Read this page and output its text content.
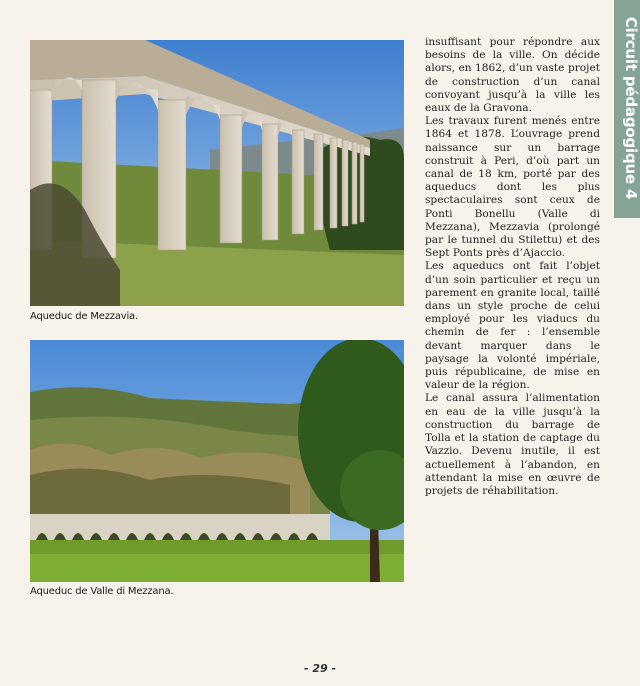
Circuit pédagogique 4
Aqueduc de Mezzavia.
Aqueduc de Valle di Mezzana.

insuffisant pour répondre aux besoins de la ville. On décide alors, en 1862, d’un vaste projet de construction d’un canal convoyant jusqu’à la ville les eaux de la Gravona.

Les travaux furent menés entre 1864 et 1878. L’ouvrage prend naissance sur un barrage construit à Peri, d’où part un canal de 18 km, porté par des aqueducs dont les plus spectaculaires sont ceux de Ponti Bonellu (Valle di Mezzana), Mezzavia (prolongé par le tunnel du Stilettu) et des Sept Ponts près d’Ajaccio.

Les aqueducs ont fait l’objet d’un soin particulier et reçu un parement en granite local, taillé dans un style proche de celui employé pour les viaducs du chemin de fer : l’ensemble devant marquer dans le paysage la volonté impériale, puis républicaine, de mise en valeur de la région.

Le canal assura l’alimentation en eau de la ville jusqu’à la construction du barrage de Tolla et la station de captage du Vazzio. Devenu inutile, il est actuellement à l’abandon, en attendant la mise en œuvre de projets de réhabilitation.

- 29 -
